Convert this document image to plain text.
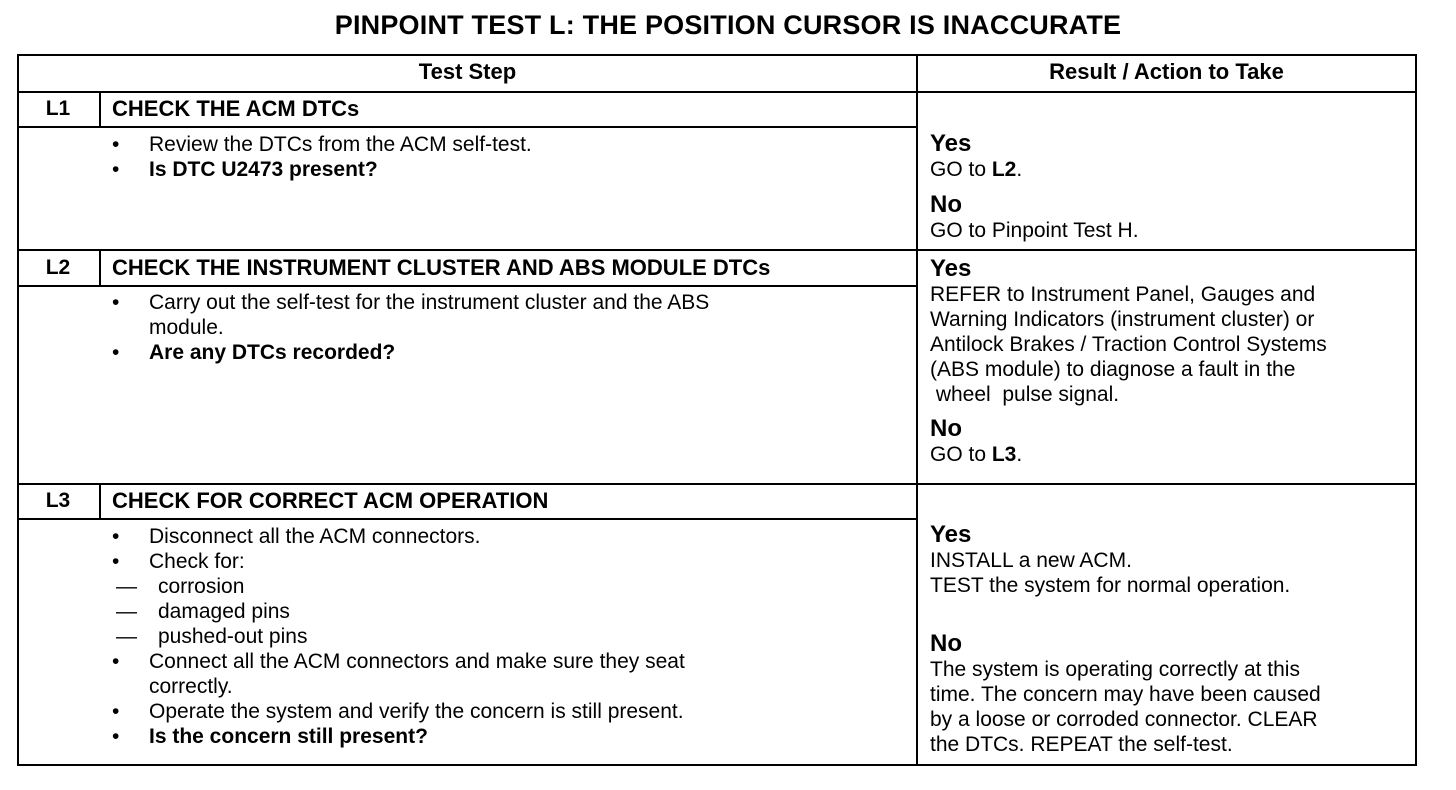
PINPOINT TEST L: THE POSITION CURSOR IS INACCURATE
Test Step	Result / Action to Take
L1	CHECK THE ACM DTCs
•	Review the DTCs from the ACM self-test.
•	Is DTC U2473 present?
Yes
GO to L2.
No
GO to Pinpoint Test H.
L2	CHECK THE INSTRUMENT CLUSTER AND ABS MODULE DTCs
•	Carry out the self-test for the instrument cluster and the ABS
module.
•	Are any DTCs recorded?
Yes
REFER to Instrument Panel, Gauges and
Warning Indicators (instrument cluster) or
Antilock Brakes / Traction Control Systems
(ABS module) to diagnose a fault in the
wheel  pulse signal.
No
GO to L3.
L3	CHECK FOR CORRECT ACM OPERATION
•	Disconnect all the ACM connectors.
•	Check for:
—	corrosion
—	damaged pins
—	pushed-out pins
•	Connect all the ACM connectors and make sure they seat
correctly.
•	Operate the system and verify the concern is still present.
•	Is the concern still present?
Yes
INSTALL a new ACM.
TEST the system for normal operation.
No
The system is operating correctly at this
time. The concern may have been caused
by a loose or corroded connector. CLEAR
the DTCs. REPEAT the self-test.
